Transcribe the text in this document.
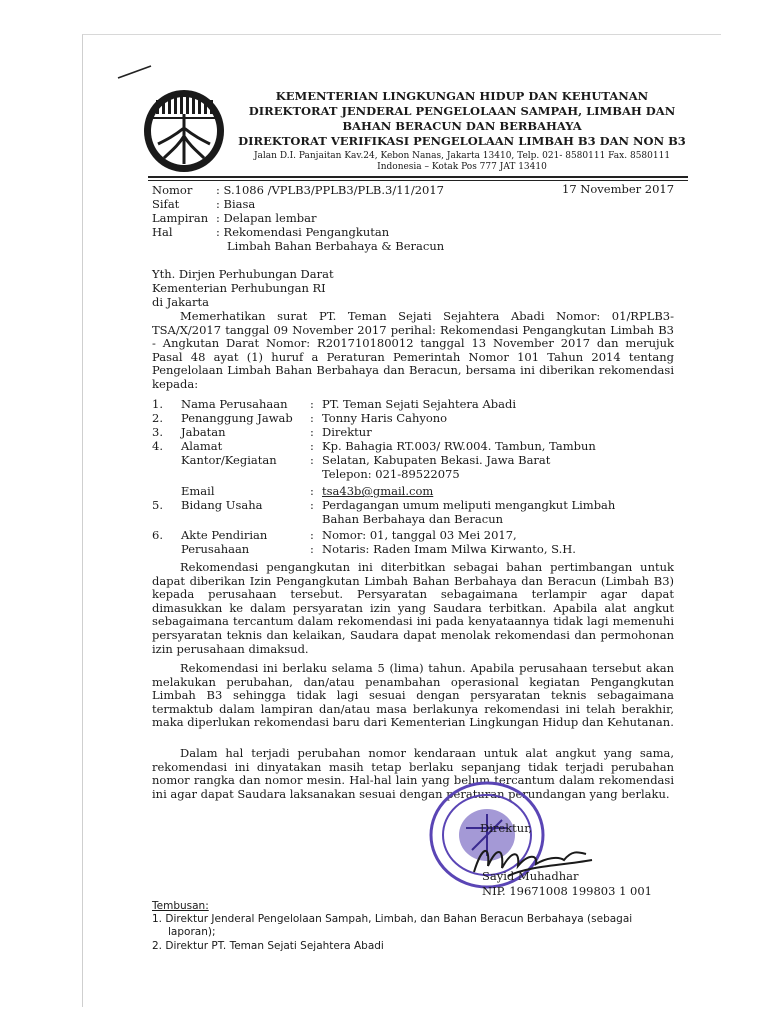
KEMENTERIAN LINGKUNGAN HIDUP DAN KEHUTANAN
DIREKTORAT JENDERAL PENGELOLAAN SAMPAH, LIMBAH DAN
BAHAN BERACUN DAN BERBAHAYA
DIREKTORAT VERIFIKASI PENGELOLAAN LIMBAH B3 DAN NON B3
Jalan D.I. Panjaitan Kav.24, Kebon Nanas, Jakarta 13410, Telp. 021- 8580111 Fax. 8580111
Indonesia – Kotak Pos 777 JAT 13410
Nomor : S.1086 /VPLB3/PPLB3/PLB.3/11/2017	17 November 2017
Sifat	: Biasa
Lampiran : Delapan lembar
Hal	: Rekomendasi Pengangkutan
Limbah Bahan Berbahaya & Beracun
Yth. Dirjen Perhubungan Darat
Kementerian Perhubungan RI
di Jakarta
Memerhatikan surat PT. Teman Sejati Sejahtera Abadi Nomor: 01/RPLB3-TSA/X/2017 tanggal 09 November 2017 perihal: Rekomendasi Pengangkutan Limbah B3 - Angkutan Darat Nomor: R201710180012 tanggal 13 November 2017 dan merujuk Pasal 48 ayat (1) huruf a Peraturan Pemerintah Nomor 101 Tahun 2014 tentang Pengelolaan Limbah Bahan Berbahaya dan Beracun, bersama ini diberikan rekomendasi kepada:
1. Nama Perusahaan : PT. Teman Sejati Sejahtera Abadi
2. Penanggung Jawab : Tonny Haris Cahyono
3. Jabatan	: Direktur
4. Alamat	: Kp. Bahagia RT.003/ RW.004. Tambun, Tambun
Kantor/Kegiatan	: Selatan, Kabupaten Bekasi. Jawa Barat
Telepon: 021-89522075
Email	: tsa43b@gmail.com
5. Bidang Usaha	: Perdagangan umum meliputi mengangkut Limbah
Bahan Berbahaya dan Beracun
6. Akte Pendirian	: Nomor: 01, tanggal 03 Mei 2017,
Perusahaan	: Notaris: Raden Imam Milwa Kirwanto, S.H.
Rekomendasi pengangkutan ini diterbitkan sebagai bahan pertimbangan untuk dapat diberikan Izin Pengangkutan Limbah Bahan Berbahaya dan Beracun (Limbah B3) kepada perusahaan tersebut. Persyaratan sebagaimana terlampir agar dapat dimasukkan ke dalam persyaratan izin yang Saudara terbitkan. Apabila alat angkut sebagaimana tercantum dalam rekomendasi ini pada kenyataannya tidak lagi memenuhi persyaratan teknis dan kelaikan, Saudara dapat menolak rekomendasi dan permohonan izin perusahaan dimaksud.
Rekomendasi ini berlaku selama 5 (lima) tahun. Apabila perusahaan tersebut akan melakukan perubahan, dan/atau penambahan operasional kegiatan Pengangkutan Limbah B3 sehingga tidak lagi sesuai dengan persyaratan teknis sebagaimana termaktub dalam lampiran dan/atau masa berlakunya rekomendasi ini telah berakhir, maka diperlukan rekomendasi baru dari Kementerian Lingkungan Hidup dan Kehutanan.
Dalam hal terjadi perubahan nomor kendaraan untuk alat angkut yang sama, rekomendasi ini dinyatakan masih tetap berlaku sepanjang tidak terjadi perubahan nomor rangka dan nomor mesin. Hal-hal lain yang belum tercantum dalam rekomendasi ini agar dapat Saudara laksanakan sesuai dengan peraturan perundangan yang berlaku.
Direktur,
Sayid Muhadhar
NIP. 19671008 199803 1 001
Tembusan:
1. Direktur Jenderal Pengelolaan Sampah, Limbah, dan Bahan Beracun Berbahaya (sebagai
laporan);
2. Direktur PT. Teman Sejati Sejahtera Abadi
